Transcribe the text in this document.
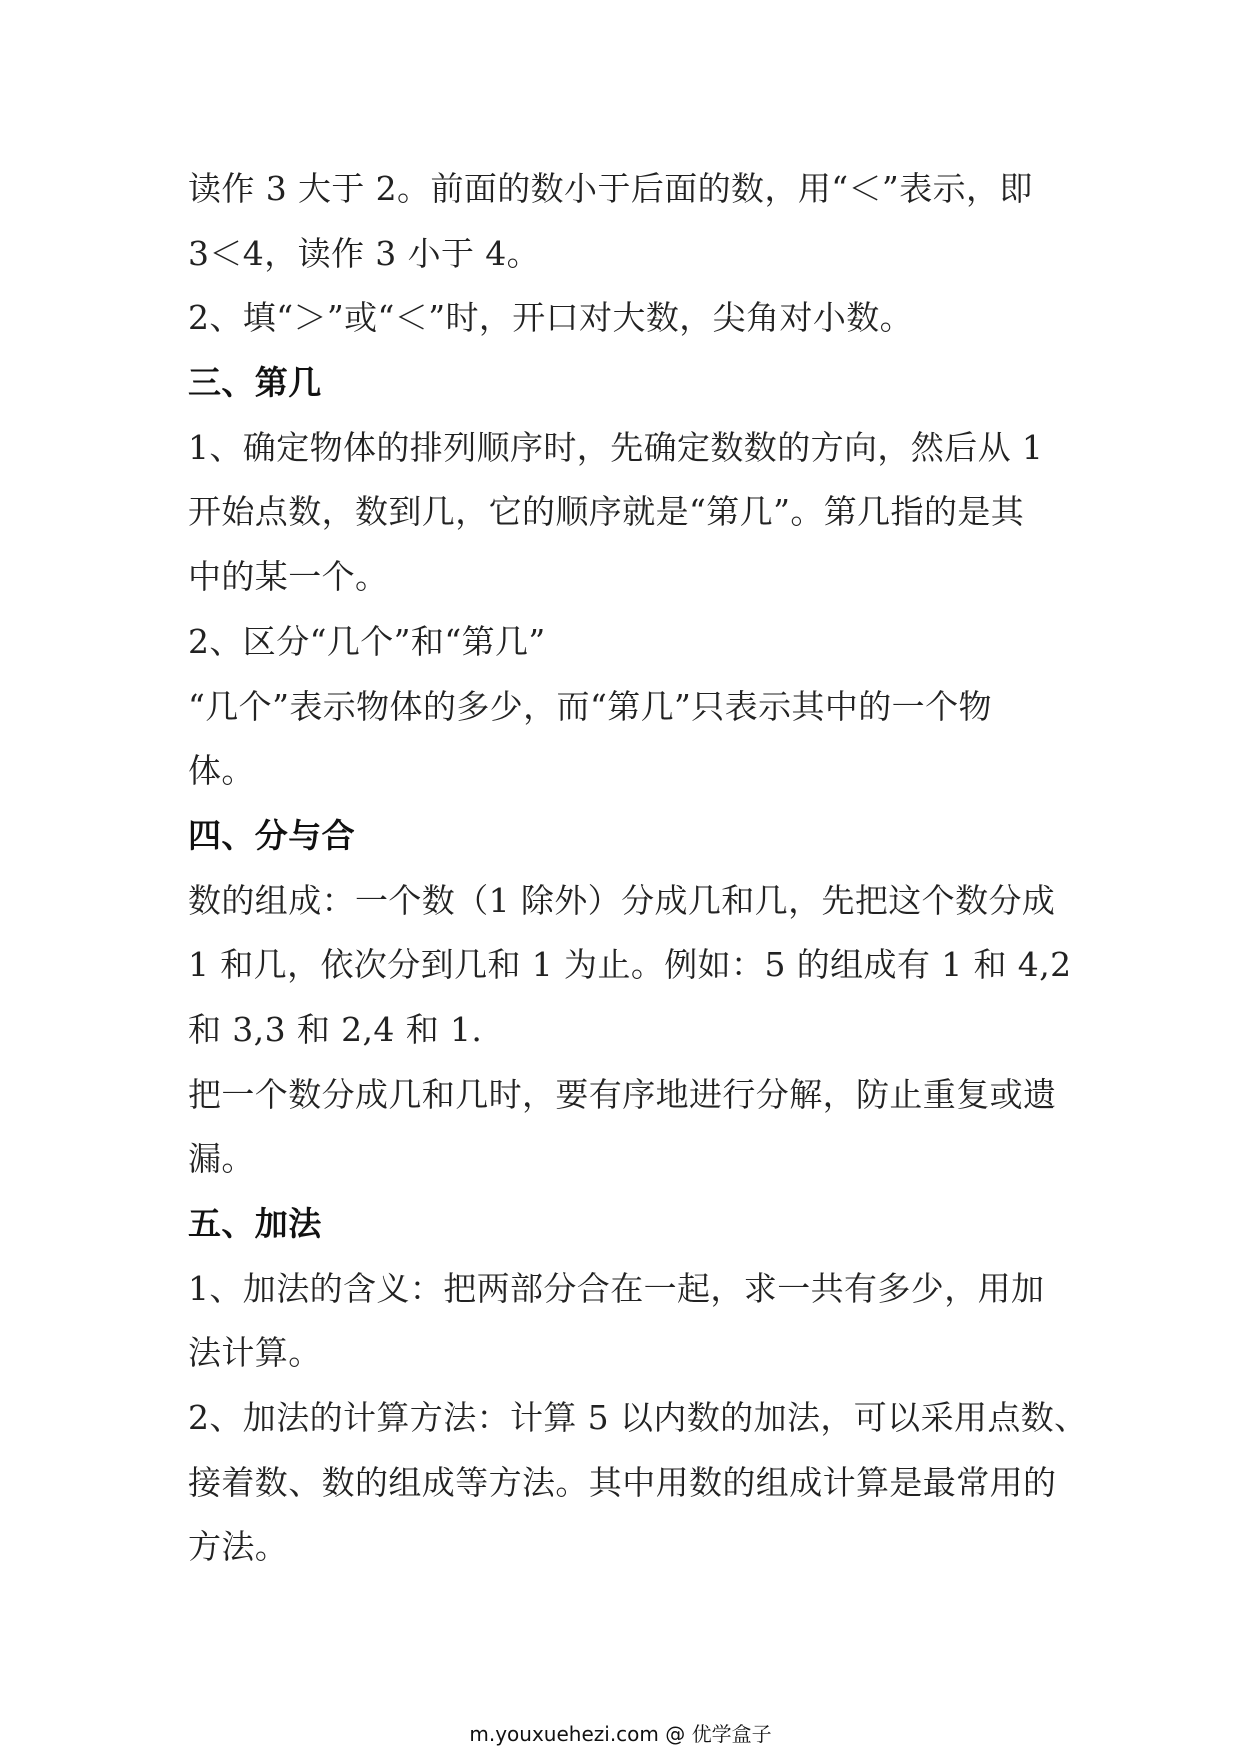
读作 3 大于 2。前面的数小于后面的数，用“＜”表示，即
3＜4，读作 3 小于 4。
2、填“＞”或“＜”时，开口对大数，尖角对小数。
三、第几
1、确定物体的排列顺序时，先确定数数的方向，然后从 1
开始点数，数到几，它的顺序就是“第几”。第几指的是其
中的某一个。
2、区分“几个”和“第几”
“几个”表示物体的多少，而“第几”只表示其中的一个物
体。
四、分与合
数的组成：一个数（1 除外）分成几和几，先把这个数分成
1 和几，依次分到几和 1 为止。例如：5 的组成有 1 和 4,2
和 3,3 和 2,4 和 1.
把一个数分成几和几时，要有序地进行分解，防止重复或遗
漏。
五、加法
1、加法的含义：把两部分合在一起，求一共有多少，用加
法计算。
2、加法的计算方法：计算 5 以内数的加法，可以采用点数、
接着数、数的组成等方法。其中用数的组成计算是最常用的
方法。
m.youxuehezi.com @ 优学盒子
